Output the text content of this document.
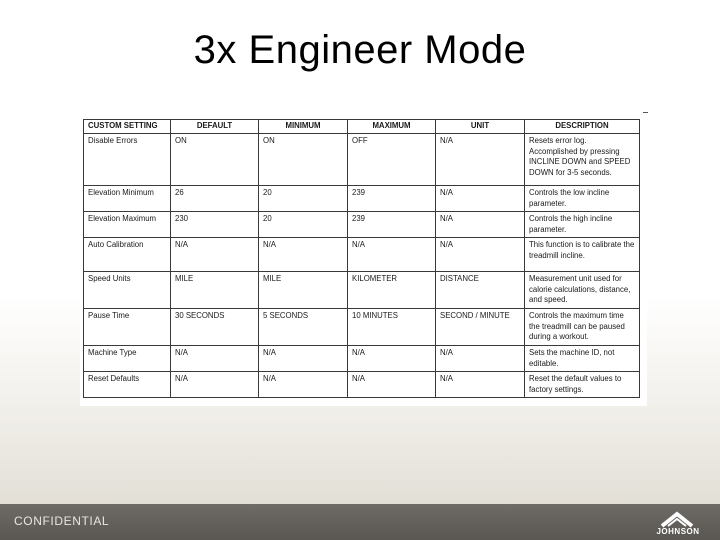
3x Engineer Mode
CUSTOM SETTING	DEFAULT	MINIMUM	MAXIMUM	UNIT	DESCRIPTION
Disable Errors	ON	ON	OFF	N/A	Resets error log. Accomplished by pressing INCLINE DOWN and SPEED DOWN for 3-5 seconds.
Elevation Minimum	26	20	239	N/A	Controls the low incline parameter.
Elevation Maximum	230	20	239	N/A	Controls the high incline parameter.
Auto Calibration	N/A	N/A	N/A	N/A	This function is to calibrate the treadmill incline.
Speed Units	MILE	MILE	KILOMETER	DISTANCE	Measurement unit used for calorie calculations, distance, and speed.
Pause Time	30 SECONDS	5 SECONDS	10 MINUTES	SECOND / MINUTE	Controls the maximum time the treadmill can be paused during a workout.
Machine Type	N/A	N/A	N/A	N/A	Sets the machine ID, not editable.
Reset Defaults	N/A	N/A	N/A	N/A	Reset the default values to factory settings.
CONFIDENTIAL
JOHNSON
